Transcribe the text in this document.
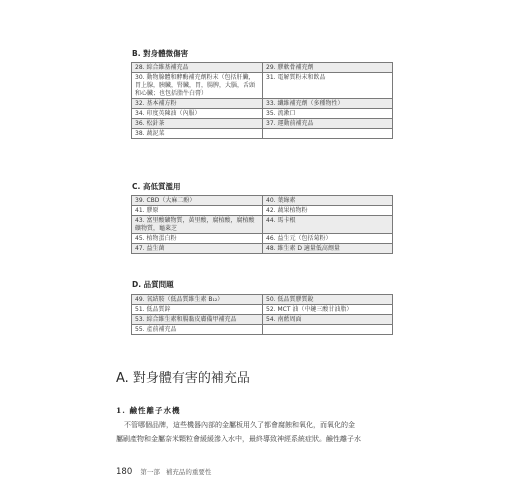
B. 對身體微傷害
28. 綜合維基補充品	29. 膠軟骨補充劑
30. 動物腺體和酵酶補充劑粉末（包括肝臟，胃上腺，胰臟，腎臟，胃，腸脾，大腦，舌頭和心臟；也包括脂牛白膏）	31. 電解質粉末和飲品
32. 基本補方粉	33. 纖維補充劑（多種物性）
34. 印度英陳油（內服）	35. 流漱口
36. 松針茶	37. 運動前補充品
38. 蔬泥菜	
C. 高低質濫用
39. CBD（大麻二酚）	40. 葉綠素
41. 膠原	42. 蔬果植物粉
43. 富里酸礦物質，黃里酸，腐植酸，腐植酸礦物質，龜萊芝	44. 馬卡根
45. 植物蛋白粉	46. 益生元（包括菊粉）
47. 益生菌	48. 維生素 D 適量低高劑量
D. 品質問題
49. 氧結胺（低品質維生素 B₁₂）	50. 低品質膠質銳
51. 低品質鋅	52. MCT 油（中鏈三酸甘油脂）
53. 綜合維生素和腸黏皮膚備甲補充品	54. 南藍周面
55. 產前補充品	
A. 對身體有害的補充品
1. 鹼性離子水機
不管哪個品牌，這些機器內部的金屬板用久了都會腐蝕和氧化，而氧化的金
屬刷產物和金屬奈米顆粒會緩緩滲入水中，最終導致神經系統症狀。鹼性離子水
180 第一部 補充品的重要性
